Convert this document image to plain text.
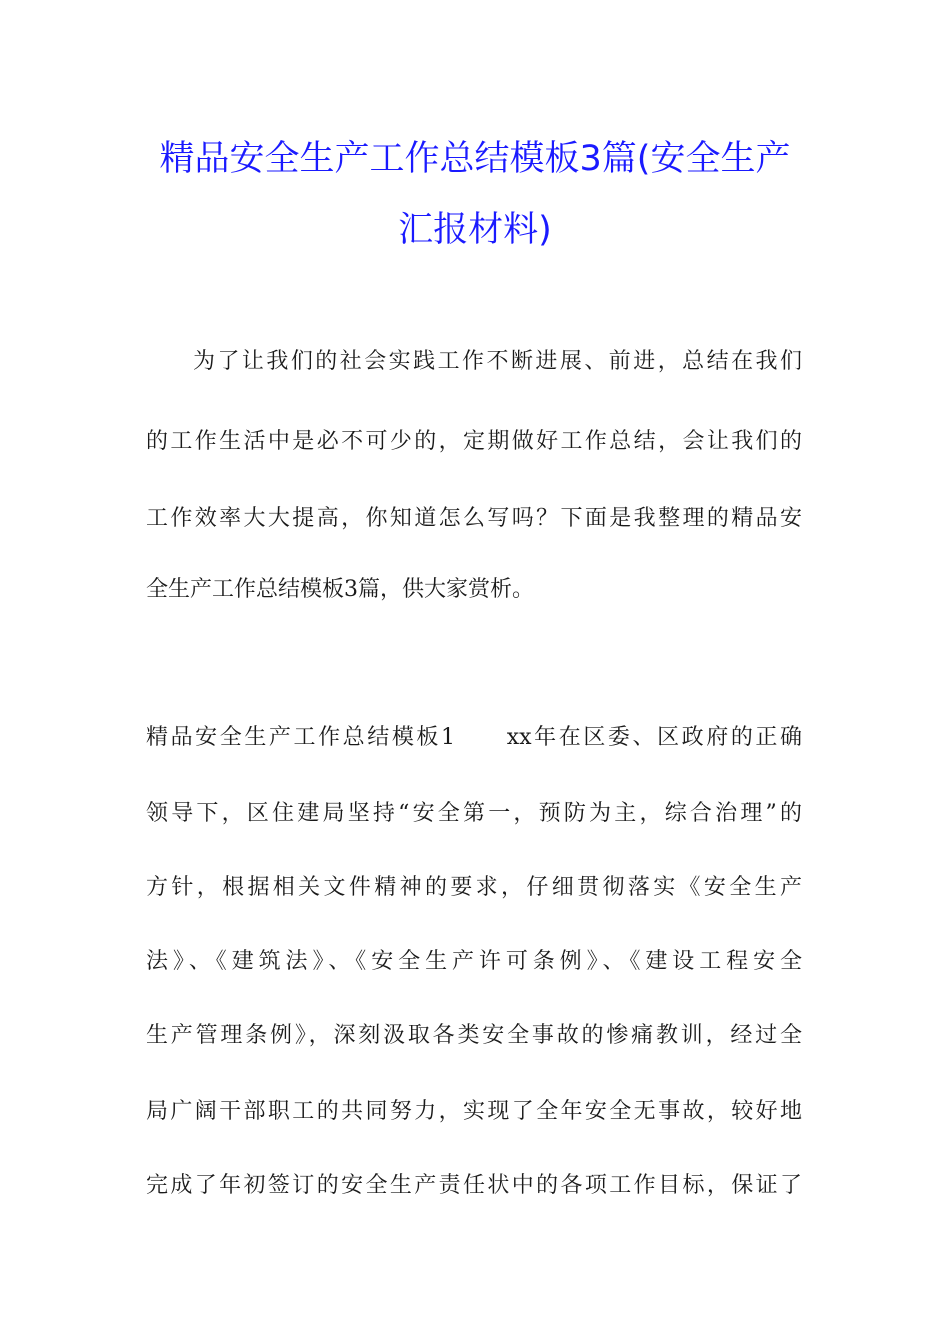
精品安全生产工作总结模板3篇(安全生产
汇报材料)
为了让我们的社会实践工作不断进展、前进，总结在我们
的工作生活中是必不可少的，定期做好工作总结，会让我们的
工作效率大大提高，你知道怎么写吗？下面是我整理的精品安
全生产工作总结模板3篇，供大家赏析。
精品安全生产工作总结模板1　　xx年在区委、区政府的正确
领导下，区住建局坚持“安全第一，预防为主，综合治理”的
方针，根据相关文件精神的要求，仔细贯彻落实《安全生产
法》、《建筑法》、《安全生产许可条例》、《建设工程安全
生产管理条例》，深刻汲取各类安全事故的惨痛教训，经过全
局广阔干部职工的共同努力，实现了全年安全无事故，较好地
完成了年初签订的安全生产责任状中的各项工作目标，保证了
